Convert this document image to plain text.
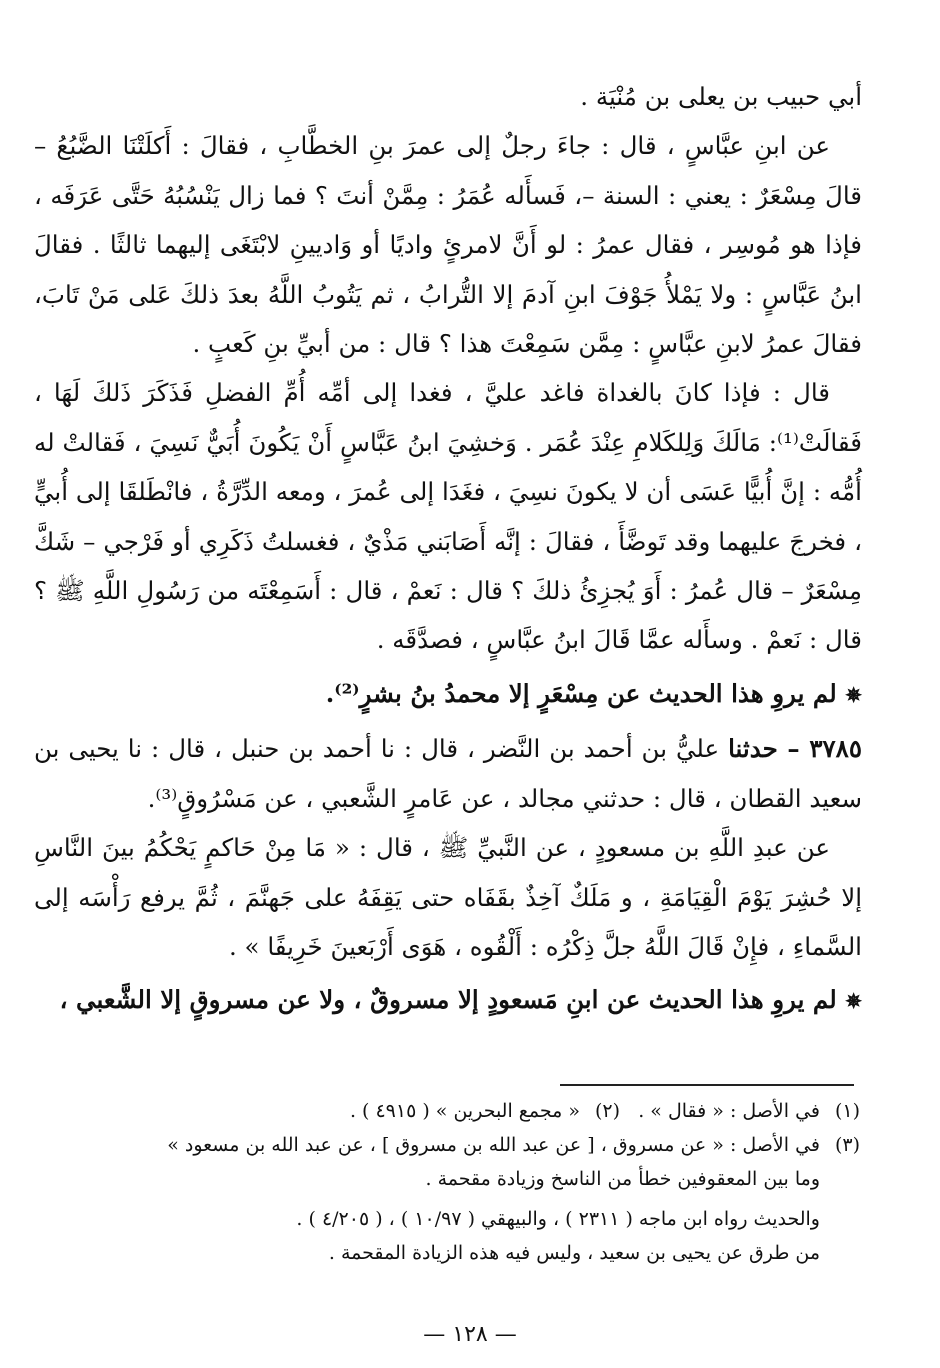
أبي حبيب بن يعلى بن مُنْيَة .

عن ابنِ عبَّاسٍ ، قال : جاءَ رجلٌ إلى عمرَ بنِ الخطَّابِ ، فقالَ : أَكلَتْنَا الضَّبُعُ – قالَ مِسْعَرٌ : يعني : السنة –، فَسأَله عُمَرُ : مِمَّنْ أنتَ ؟ فما زال يَنْسُبُهُ حَتَّى عَرَفَه ، فإذا هو مُوسِر ، فقال عمرُ : لو أَنَّ لامرئٍ واديًا أو وَاديينِ لابْتَغَى إليهما ثالثًا . فقالَ ابنُ عَبَّاسٍ : ولا يَمْلأُ جَوْفَ ابنِ آدمَ إلا التُّرابُ ، ثم يَتُوبُ اللَّهُ بعدَ ذلكَ عَلى مَنْ تَابَ، فقالَ عمرُ لابنِ عبَّاسٍ : مِمَّن سَمِعْتَ هذا ؟ قال : من أبيِّ بنِ كَعبٍ .

قال : فإذا كانَ بالغداة فاغد عليَّ ، فغدا إلى أمِّه أُمِّ الفضلِ فَذَكَرَ ذَلكَ لَهَا ، فَقالَتْ⁽¹⁾: مَالَكَ وَلِلكَلامِ عِنْدَ عُمَر . وَخشِيَ ابنُ عَبَّاسٍ أَنْ يَكُونَ أُبَيٌّ نَسِيَ ، فَقالتْ له أُمُّه : إنَّ أُبيًّا عَسَى أن لا يكونَ نسِيَ ، فغَدَا إلى عُمرَ ، ومعه الدِّرَّةُ ، فانْطَلقَا إلى أُبيٍّ ، فخرجَ عليهما وقد تَوضَّأَ ، فقالَ : إنَّه أَصَابَني مَذْيٌ ، فغسلتُ ذَكَرِي أو فَرْجي – شَكَّ مِسْعَرٌ – قال عُمرُ : أَوَ يُجزِئُ ذلكَ ؟ قال : نَعمْ ، قال : أَسَمِعْتَه من رَسُولِ اللَّهِ ﷺ ؟ قال : نَعمْ . وسأَله عمَّا قَالَ ابنُ عبَّاسٍ ، فصدَّقَه .

✵ لم يروِ هذا الحديث عن مِسْعَرٍ إلا محمدُ بنُ بشرٍ⁽²⁾.

٣٧٨٥ – حدثنا عليُّ بن أحمد بن النَّضر ، قال : نا أحمد بن حنبل ، قال : نا يحيى بن سعيد القطان ، قال : حدثني مجالد ، عن عَامرٍ الشَّعبي ، عن مَسْرُوقٍ⁽³⁾.

عن عبدِ اللَّهِ بن مسعودٍ ، عن النَّبيِّ ﷺ ، قال : « مَا مِنْ حَاكمٍ يَحْكُمُ بينَ النَّاسِ إلا حُشِرَ يَوْمَ الْقِيَامَةِ ، و مَلَكٌ آخِذٌ بقَفَاه حتى يَقِفَهُ على جَهنَّمَ ، ثُمَّ يرفع رَأْسَه إلى السَّماءِ ، فإِنْ قَالَ اللَّهُ جلَّ ذِكْرُه : أَلْقُوه ، هَوَى أَرْبَعينَ خَرِيفًا » .

✵ لم يروِ هذا الحديث عن ابنِ مَسعودٍ إلا مسروقٌ ، ولا عن مسروقٍ إلا الشَّعبي ،

(١)
في الأصل : « فقال » .
(٢)
« مجمع البحرين » ( ٤٩١٥ ) .
(٣)
في الأصل : « عن مسروق ، [ عن عبد الله بن مسروق ] ، عن عبد الله بن مسعود »
وما بين المعقوفين خطأ من الناسخ وزيادة مقحمة .
والحديث رواه ابن ماجه ( ٢٣١١ ) ، والبيهقي ( ١٠/٩٧ ) ، ( ٤/٢٠٥ ) .
من طرق عن يحيى بن سعيد ، وليس فيه هذه الزيادة المقحمة .
— ١٢٨ —
